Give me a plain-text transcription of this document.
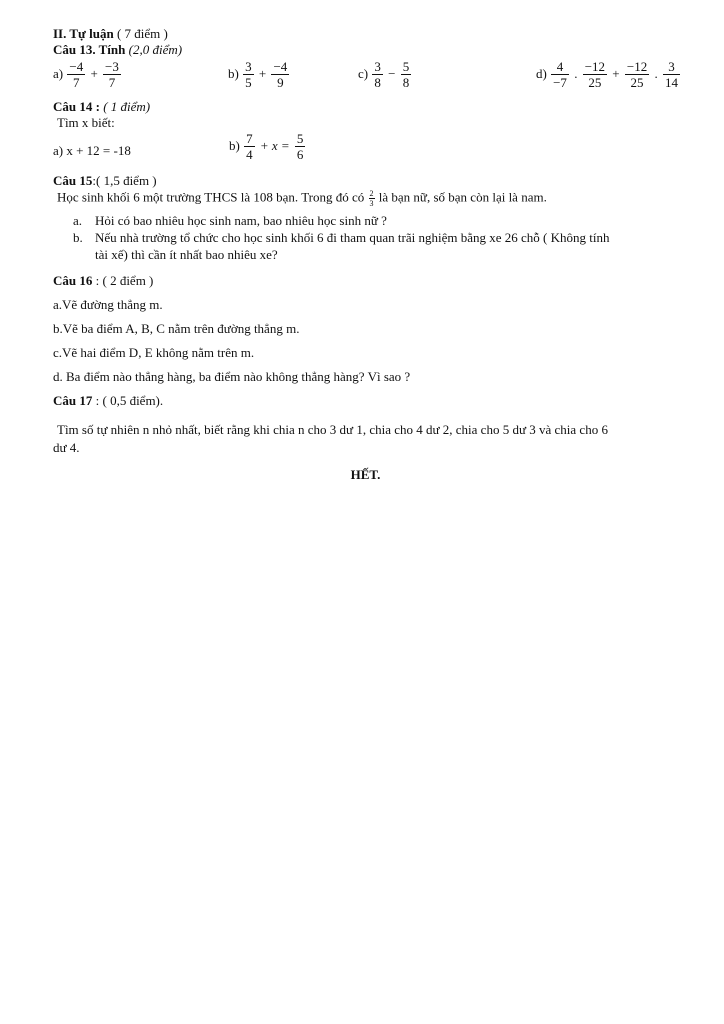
II. Tự luận ( 7 điểm )
Câu 13. Tính (2,0 điểm)
$a) \frac{-4}{7} + \frac{-3}{7}$	$b) \frac{3}{5} + \frac{-4}{9}$	$c) \frac{3}{8} - \frac{5}{8}$	$d) \frac{4}{-7}$ . $\frac{-12}{25} + \frac{-12}{25}$ . $\frac{3}{14}$
Câu 14 : ( 1 điểm)
Tìm x biết:
a) x + 12 = -18	$b) \frac{7}{4} + x = \frac{5}{6}$
Câu 15:( 1,5 điểm )
Học sinh khối 6 một trường THCS là 108 bạn. Trong đó có $\frac{2}{3}$ là bạn nữ, số bạn còn lại là nam.
a. Hỏi có bao nhiêu học sinh nam, bao nhiêu học sinh nữ ?
b. Nếu nhà trường tổ chức cho học sinh khối 6 đi tham quan trãi nghiệm bằng xe 26 chỗ ( Không tính
tài xế) thì cần ít nhất bao nhiêu xe?
Câu 16 : ( 2 điểm )
a.Vẽ đường thẳng m.
b.Vẽ ba điểm A, B, C nằm trên đường thẳng m.
c.Vẽ hai điểm D, E không nằm trên m.
d. Ba điểm nào thẳng hàng, ba điểm nào không thẳng hàng? Vì sao ?
Câu 17 : ( 0,5 điểm).
Tìm số tự nhiên n nhỏ nhất, biết rằng khi chia n cho 3 dư 1, chia cho 4 dư 2, chia cho 5 dư 3 và chia cho 6
dư 4.
HẾT.
